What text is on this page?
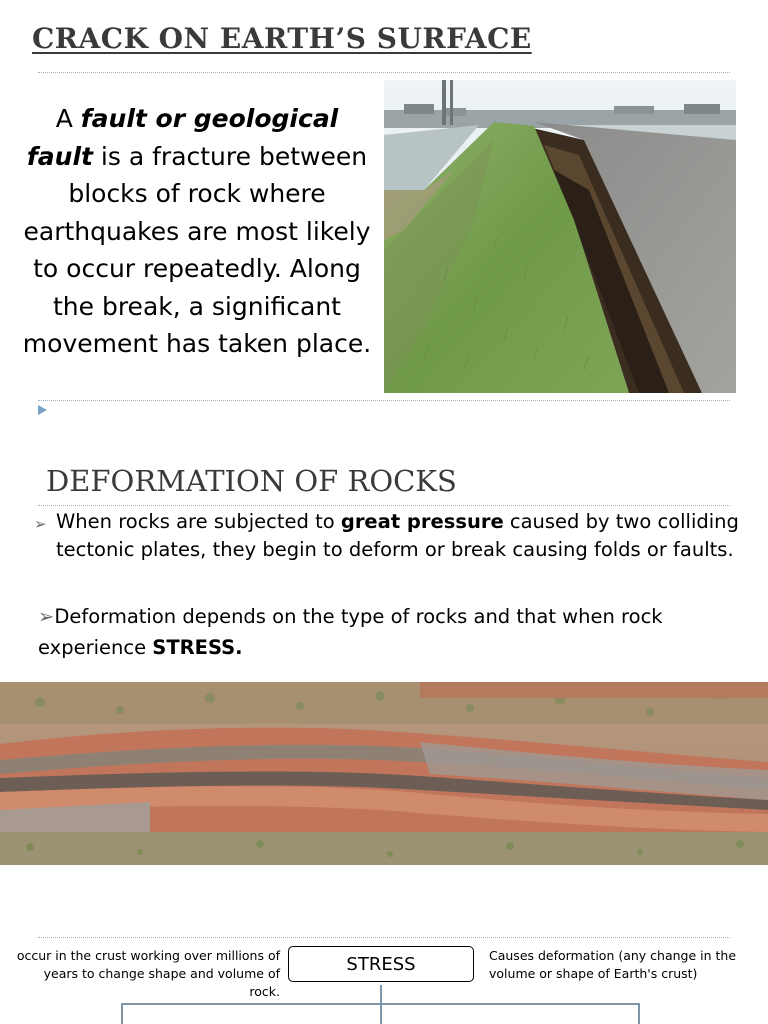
CRACK ON EARTH’S SURFACE
A fault or geological
fault is a fracture between blocks of rock where earthquakes are most likely to occur repeatedly. Along the break, a significant movement has taken place.
DEFORMATION OF ROCKS
➢ When rocks are subjected to great pressure caused by two colliding tectonic plates, they begin to deform or break causing folds or faults.
➢Deformation depends on the type of rocks and that when rock experience STRESS.
occur in the crust working over millions of years to change shape and volume of rock.
STRESS	Causes deformation (any change in the volume or shape of Earth's crust)
